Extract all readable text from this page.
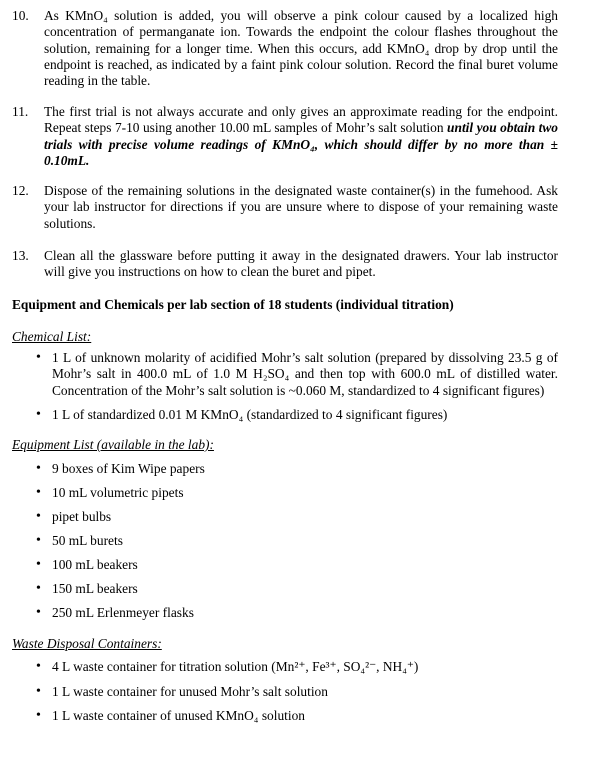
10. As KMnO₄ solution is added, you will observe a pink colour caused by a localized high concentration of permanganate ion. Towards the endpoint the colour flashes throughout the solution, remaining for a longer time. When this occurs, add KMnO₄ drop by drop until the endpoint is reached, as indicated by a faint pink colour solution. Record the final buret volume reading in the table.
11. The first trial is not always accurate and only gives an approximate reading for the endpoint. Repeat steps 7-10 using another 10.00 mL samples of Mohr’s salt solution until you obtain two trials with precise volume readings of KMnO₄, which should differ by no more than ± 0.10mL.
12. Dispose of the remaining solutions in the designated waste container(s) in the fumehood. Ask your lab instructor for directions if you are unsure where to dispose of your remaining waste solutions.
13. Clean all the glassware before putting it away in the designated drawers. Your lab instructor will give you instructions on how to clean the buret and pipet.
Equipment and Chemicals per lab section of 18 students (individual titration)
Chemical List:
• 1 L of unknown molarity of acidified Mohr’s salt solution (prepared by dissolving 23.5 g of Mohr’s salt in 400.0 mL of 1.0 M H₂SO₄ and then top with 600.0 mL of distilled water. Concentration of the Mohr’s salt solution is ~0.060 M, standardized to 4 significant figures)
• 1 L of standardized 0.01 M KMnO₄ (standardized to 4 significant figures)
Equipment List (available in the lab):
• 9 boxes of Kim Wipe papers
• 10 mL volumetric pipets
• pipet bulbs
• 50 mL burets
• 100 mL beakers
• 150 mL beakers
• 250 mL Erlenmeyer flasks
Waste Disposal Containers:
• 4 L waste container for titration solution (Mn²⁺, Fe³⁺, SO₄²⁻, NH₄⁺)
• 1 L waste container for unused Mohr’s salt solution
• 1 L waste container of unused KMnO₄ solution
